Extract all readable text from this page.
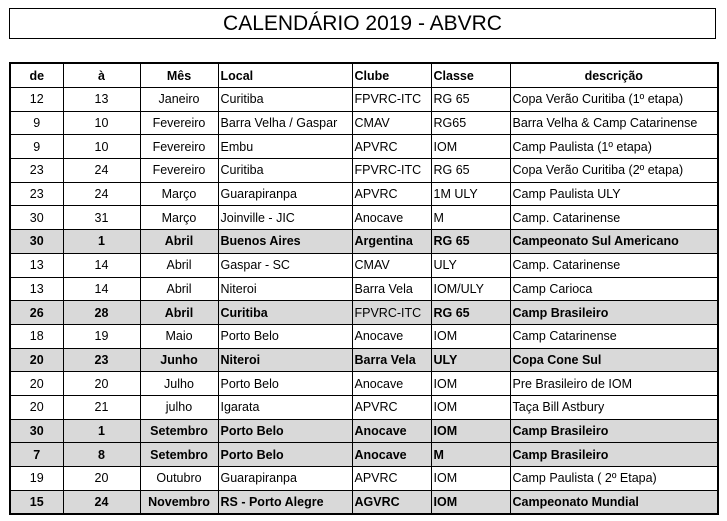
CALENDÁRIO 2019 - ABVRC
de	à	Mês	Local	Clube	Classe	descrição
12	13	Janeiro	Curitiba	FPVRC-ITC	RG 65	Copa Verão Curitiba (1º etapa)
9	10	Fevereiro	Barra Velha / Gaspar	CMAV	RG65	Barra Velha & Camp Catarinense
9	10	Fevereiro	Embu	APVRC	IOM	Camp Paulista (1º etapa)
23	24	Fevereiro	Curitiba	FPVRC-ITC	RG 65	Copa Verão Curitiba (2º etapa)
23	24	Março	Guarapiranpa	APVRC	1M ULY	Camp Paulista ULY
30	31	Março	Joinville - JIC	Anocave	M	Camp. Catarinense
30	1	Abril	Buenos Aires	Argentina	RG 65	Campeonato Sul Americano
13	14	Abril	Gaspar - SC	CMAV	ULY	Camp. Catarinense
13	14	Abril	Niteroi	Barra Vela	IOM/ULY	Camp Carioca
26	28	Abril	Curitiba	FPVRC-ITC	RG 65	Camp Brasileiro
18	19	Maio	Porto Belo	Anocave	IOM	Camp Catarinense
20	23	Junho	Niteroi	Barra Vela	ULY	Copa Cone Sul
20	20	Julho	Porto Belo	Anocave	IOM	Pre Brasileiro de IOM
20	21	julho	Igarata	APVRC	IOM	Taça Bill Astbury
30	1	Setembro	Porto Belo	Anocave	IOM	Camp Brasileiro
7	8	Setembro	Porto Belo	Anocave	M	Camp Brasileiro
19	20	Outubro	Guarapiranpa	APVRC	IOM	Camp Paulista ( 2º Etapa)
15	24	Novembro	RS - Porto Alegre	AGVRC	IOM	Campeonato Mundial
